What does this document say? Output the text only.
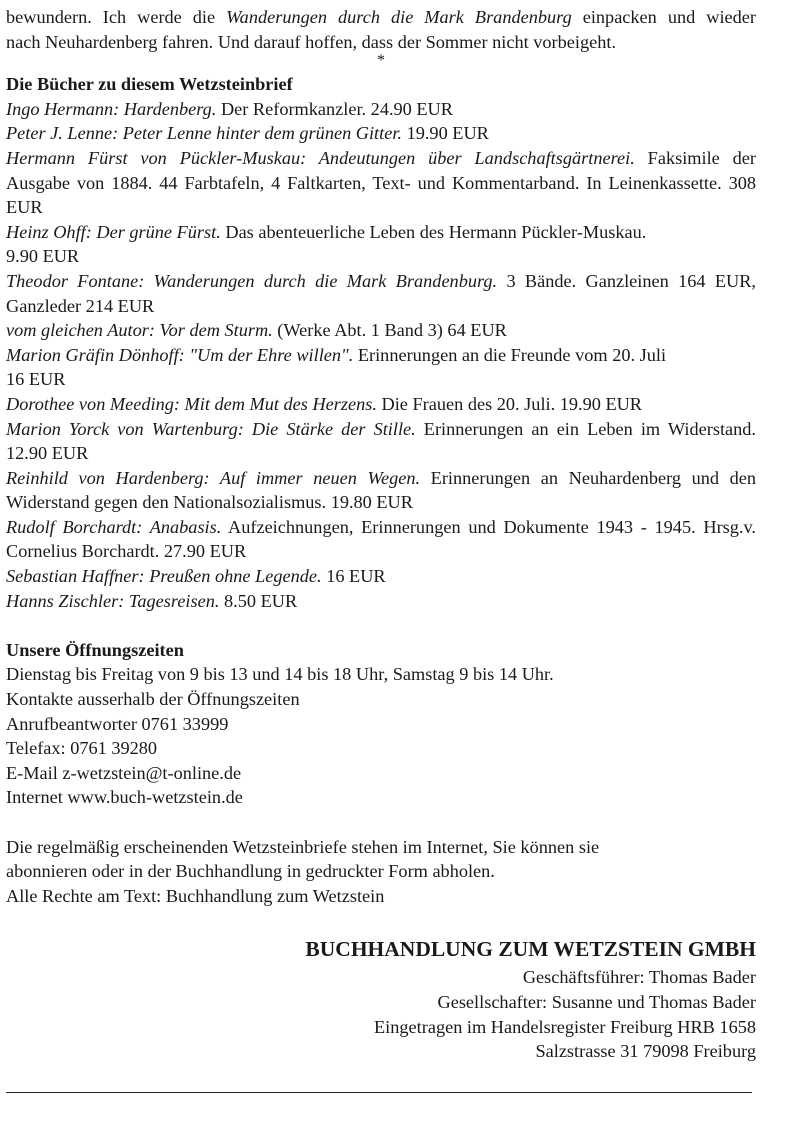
bewundern. Ich werde die Wanderungen durch die Mark Brandenburg einpacken und wieder

nach Neuhardenberg fahren. Und darauf hoffen, dass der Sommer nicht vorbeigeht.

*

Die Bücher zu diesem Wetzsteinbrief

Ingo Hermann: Hardenberg. Der Reformkanzler. 24.90 EUR

Peter J. Lenne: Peter Lenne hinter dem grünen Gitter. 19.90 EUR

Hermann Fürst von Pückler-Muskau: Andeutungen über Landschaftsgärtnerei. Faksimile der Ausgabe von 1884. 44 Farbtafeln, 4 Faltkarten, Text- und Kommentarband. In Leinenkassette. 308 EUR

Heinz Ohff: Der grüne Fürst. Das abenteuerliche Leben des Hermann Pückler-Muskau.
9.90 EUR

Theodor Fontane: Wanderungen durch die Mark Brandenburg. 3 Bände. Ganzleinen 164 EUR, Ganzleder 214 EUR

vom gleichen Autor: Vor dem Sturm. (Werke Abt. 1 Band 3) 64 EUR

Marion Gräfin Dönhoff: "Um der Ehre willen". Erinnerungen an die Freunde vom 20. Juli
16 EUR

Dorothee von Meeding: Mit dem Mut des Herzens. Die Frauen des 20. Juli. 19.90 EUR

Marion Yorck von Wartenburg: Die Stärke der Stille. Erinnerungen an ein Leben im Widerstand. 12.90 EUR

Reinhild von Hardenberg: Auf immer neuen Wegen. Erinnerungen an Neuhardenberg und den Widerstand gegen den Nationalsozialismus. 19.80 EUR

Rudolf Borchardt: Anabasis. Aufzeichnungen, Erinnerungen und Dokumente 1943 - 1945. Hrsg.v. Cornelius Borchardt. 27.90 EUR

Sebastian Haffner: Preußen ohne Legende. 16 EUR

Hanns Zischler: Tagesreisen. 8.50 EUR

Unsere Öffnungszeiten

Dienstag bis Freitag von 9 bis 13 und 14 bis 18 Uhr, Samstag 9 bis 14 Uhr.

Kontakte ausserhalb der Öffnungszeiten

Anrufbeantworter 0761 33999

Telefax: 0761 39280

E-Mail z-wetzstein@t-online.de

Internet www.buch-wetzstein.de

Die regelmäßig erscheinenden Wetzsteinbriefe stehen im Internet, Sie können sie

abonnieren oder in der Buchhandlung in gedruckter Form abholen.

Alle Rechte am Text: Buchhandlung zum Wetzstein

BUCHHANDLUNG ZUM WETZSTEIN GMBH

Geschäftsführer: Thomas Bader

Gesellschafter: Susanne und Thomas Bader

Eingetragen im Handelsregister Freiburg HRB 1658

Salzstrasse 31 79098 Freiburg
